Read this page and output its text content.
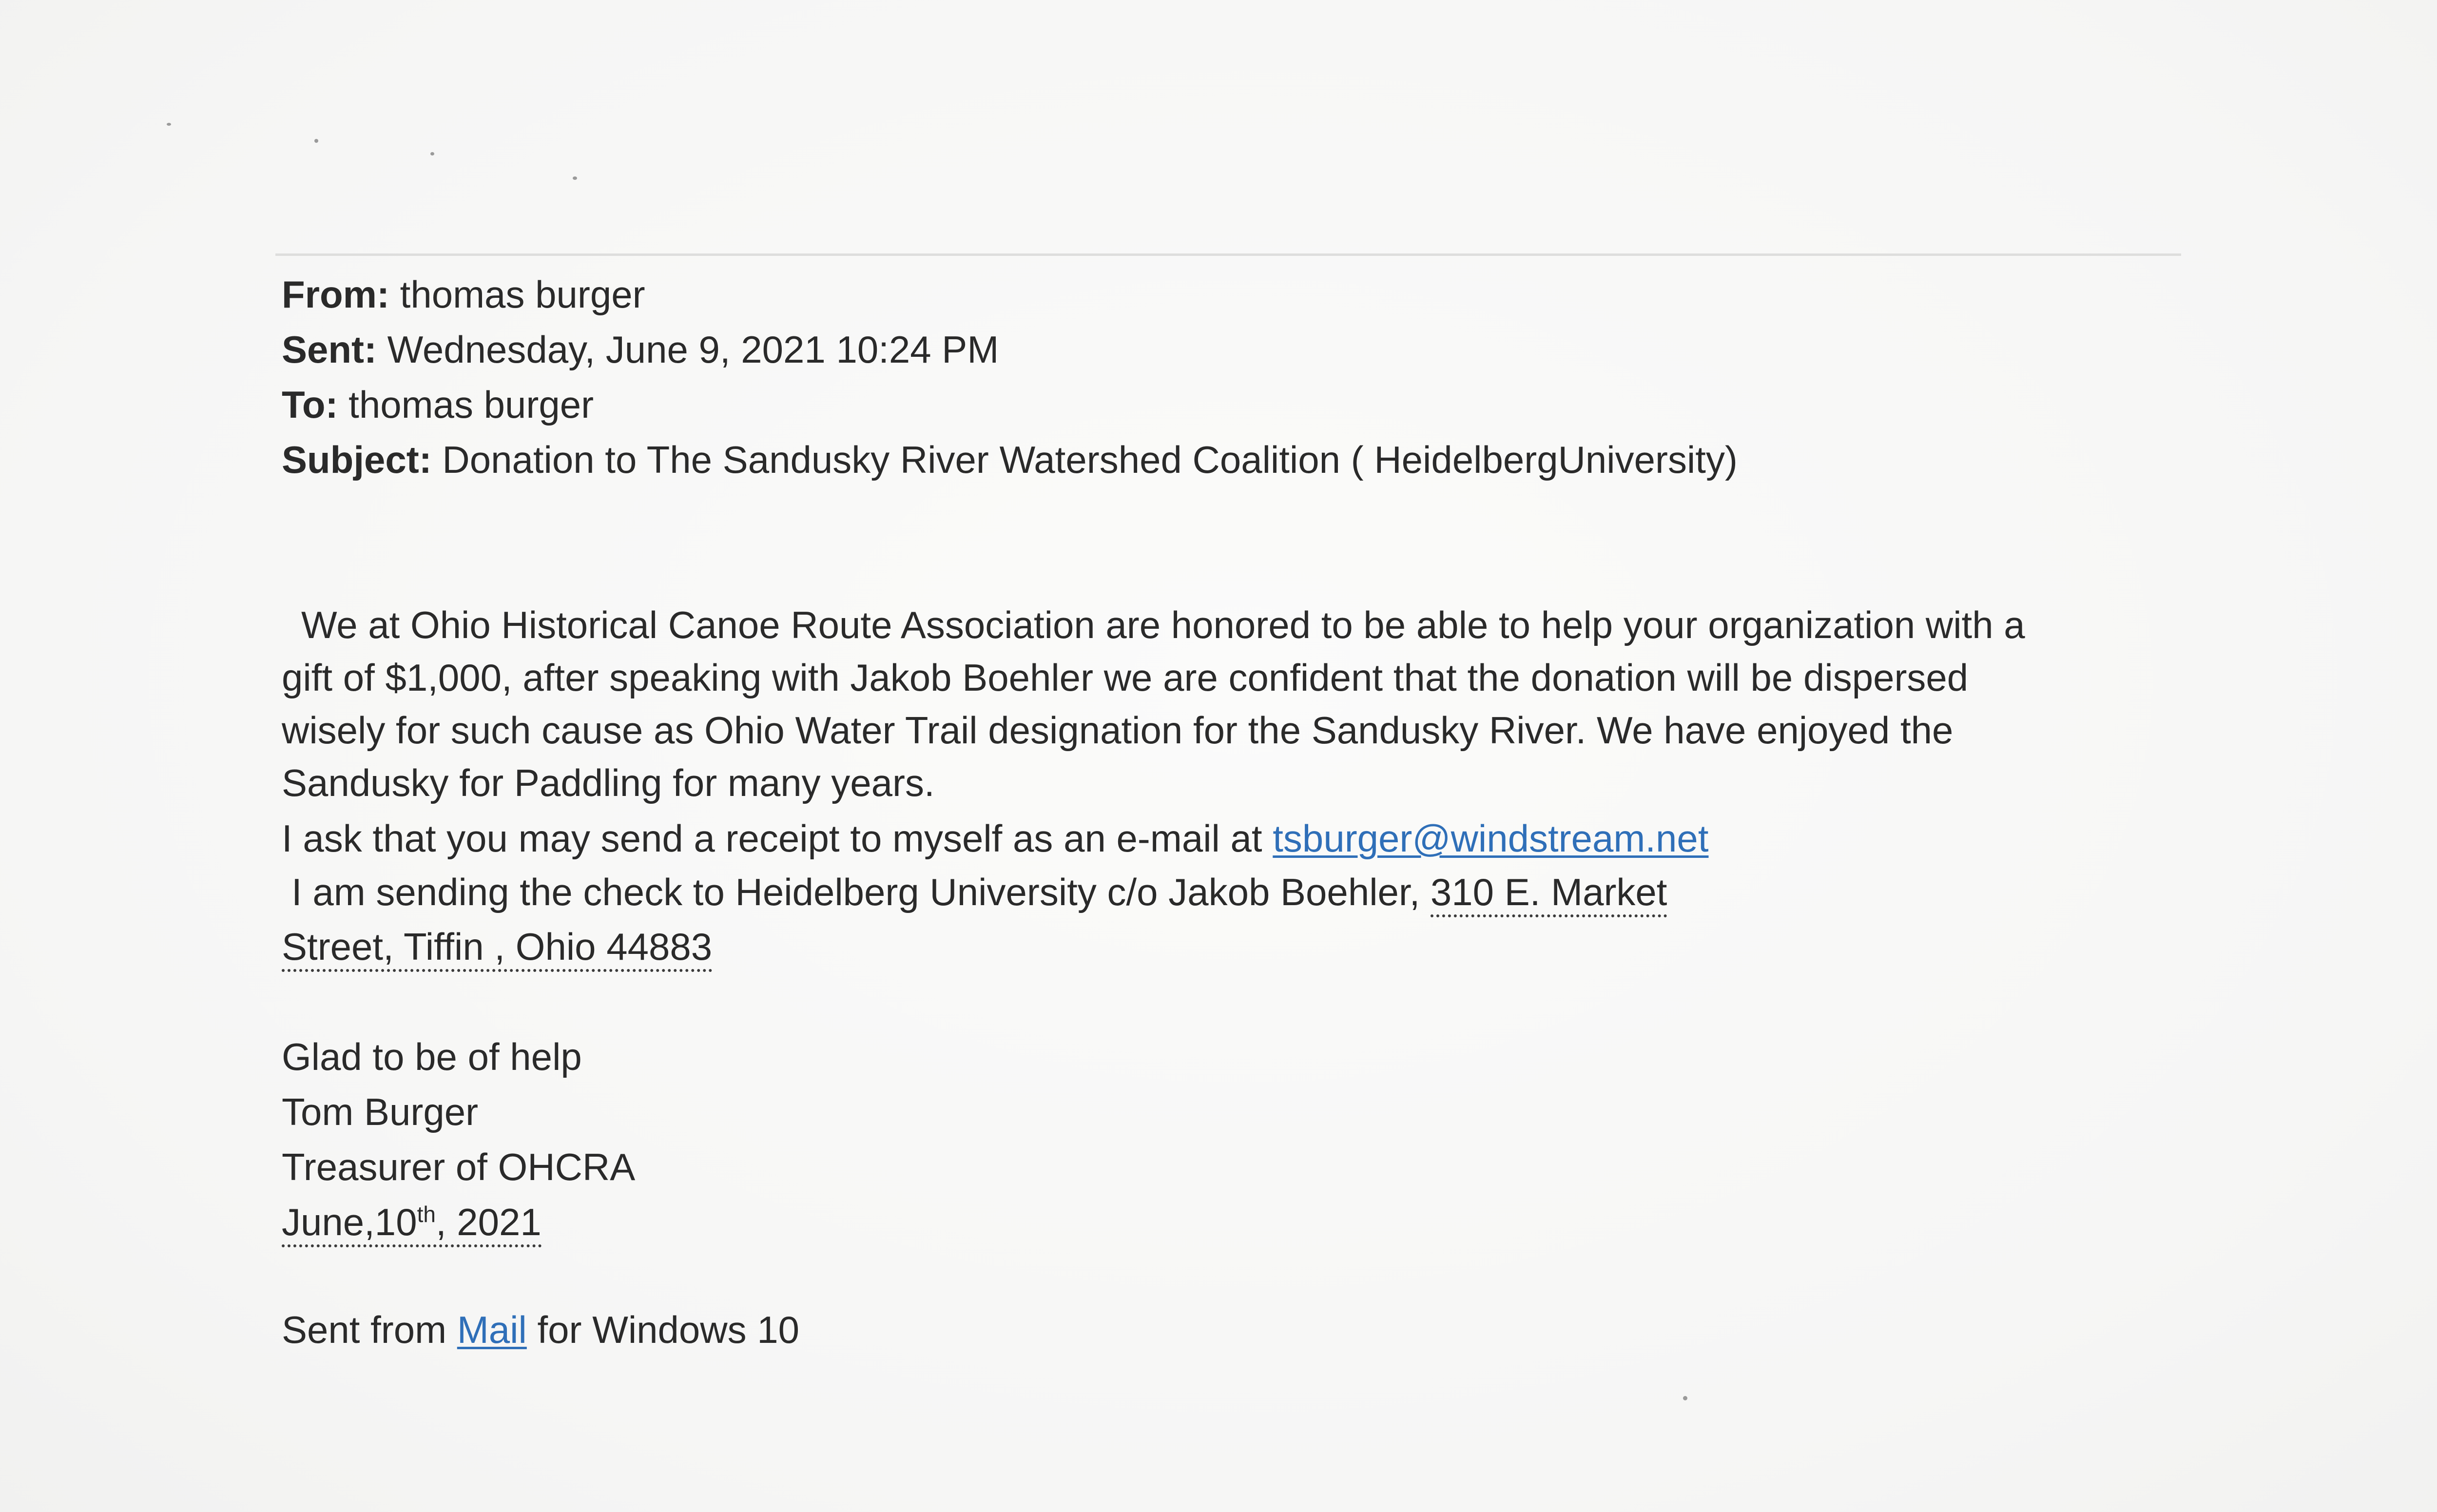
From: thomas burger
Sent: Wednesday, June 9, 2021 10:24 PM
To: thomas burger
Subject: Donation to The Sandusky River Watershed Coalition ( HeidelbergUniversity)
We at Ohio Historical Canoe Route Association are honored to be able to help your organization with a
gift of $1,000, after speaking with Jakob Boehler we are confident that the donation will be dispersed
wisely for such cause as Ohio Water Trail designation for the Sandusky River. We have enjoyed the
Sandusky for Paddling for many years.
I ask that you may send a receipt to myself as an e-mail at tsburger@windstream.net
I am sending the check to Heidelberg University c/o Jakob Boehler, 310 E. Market
Street, Tiffin , Ohio 44883
Glad to be of help
Tom Burger
Treasurer of OHCRA
June,10th, 2021
Sent from Mail for Windows 10
